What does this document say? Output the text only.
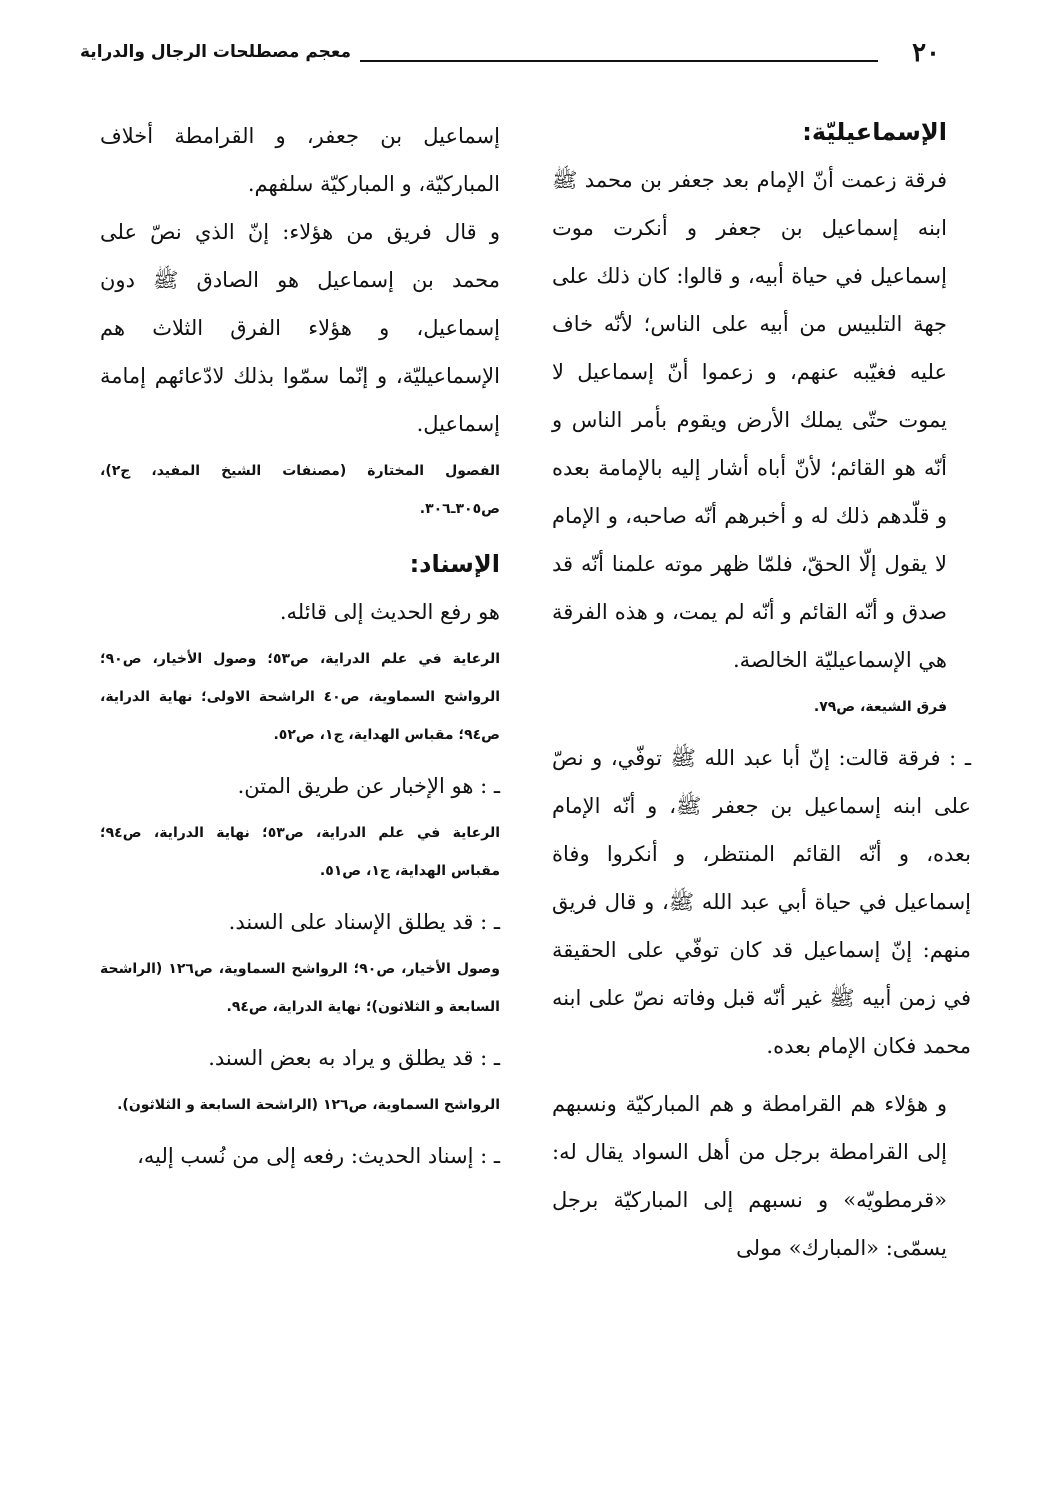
٢٠
معجم مصطلحات الرجال والدراية
الإسماعيليّة:

فرقة زعمت أنّ الإمام بعد جعفر بن محمد ﷺ ابنه إسماعيل بن جعفر و أنكرت موت إسماعيل في حياة أبيه، و قالوا: كان ذلك على جهة التلبيس من أبيه على الناس؛ لأنّه خاف عليه فغيّبه عنهم، و زعموا أنّ إسماعيل لا يموت حتّى يملك الأرض ويقوم بأمر الناس و أنّه هو القائم؛ لأنّ أباه أشار إليه بالإمامة بعده و قلّدهم ذلك له و أخبرهم أنّه صاحبه، و الإمام لا يقول إلّا الحقّ، فلمّا ظهر موته علمنا أنّه قد صدق و أنّه القائم و أنّه لم يمت، و هذه الفرقة هي الإسماعيليّة الخالصة.

فرق الشيعة، ص٧٩.

ـ : فرقة قالت: إنّ أبا عبد الله ﷺ توفّي، و نصّ على ابنه إسماعيل بن جعفر ﷺ، و أنّه الإمام بعده، و أنّه القائم المنتظر، و أنكروا وفاة إسماعيل في حياة أبي عبد الله ﷺ، و قال فريق منهم: إنّ إسماعيل قد كان توفّي على الحقيقة في زمن أبيه ﷺ غير أنّه قبل وفاته نصّ على ابنه محمد فكان الإمام بعده.

و هؤلاء هم القرامطة و هم المباركيّة ونسبهم إلى القرامطة برجل من أهل السواد يقال له: «قرمطويّه» و نسبهم إلى المباركيّة برجل يسمّى: «المبارك» مولى

إسماعيل بن جعفر، و القرامطة أخلاف المباركيّة، و المباركيّة سلفهم.

و قال فريق من هؤلاء: إنّ الذي نصّ على محمد بن إسماعيل هو الصادق ﷺ دون إسماعيل، و هؤلاء الفرق الثلاث هم الإسماعيليّة، و إنّما سمّوا بذلك لادّعائهم إمامة إسماعيل.

الفصول المختارة (مصنفات الشيخ المفيد، ج٢)، ص٣٠٥ـ٣٠٦.

الإسناد:

هو رفع الحديث إلى قائله.

الرعاية في علم الدراية، ص٥٣؛ وصول الأخيار، ص٩٠؛ الرواشح السماوية، ص٤٠ الراشحة الاولى؛ نهاية الدراية، ص٩٤؛ مقباس الهداية، ج١، ص٥٢.

ـ : هو الإخبار عن طريق المتن.

الرعاية في علم الدراية، ص٥٣؛ نهاية الدراية، ص٩٤؛ مقباس الهداية، ج١، ص٥١.

ـ : قد يطلق الإسناد على السند.

وصول الأخيار، ص٩٠؛ الرواشح السماوية، ص١٢٦ (الراشحة السابعة و الثلاثون)؛ نهاية الدراية، ص٩٤.

ـ : قد يطلق و يراد به بعض السند.

الرواشح السماوية، ص١٢٦ (الراشحة السابعة و الثلاثون).

ـ : إسناد الحديث: رفعه إلى من نُسب إليه،
